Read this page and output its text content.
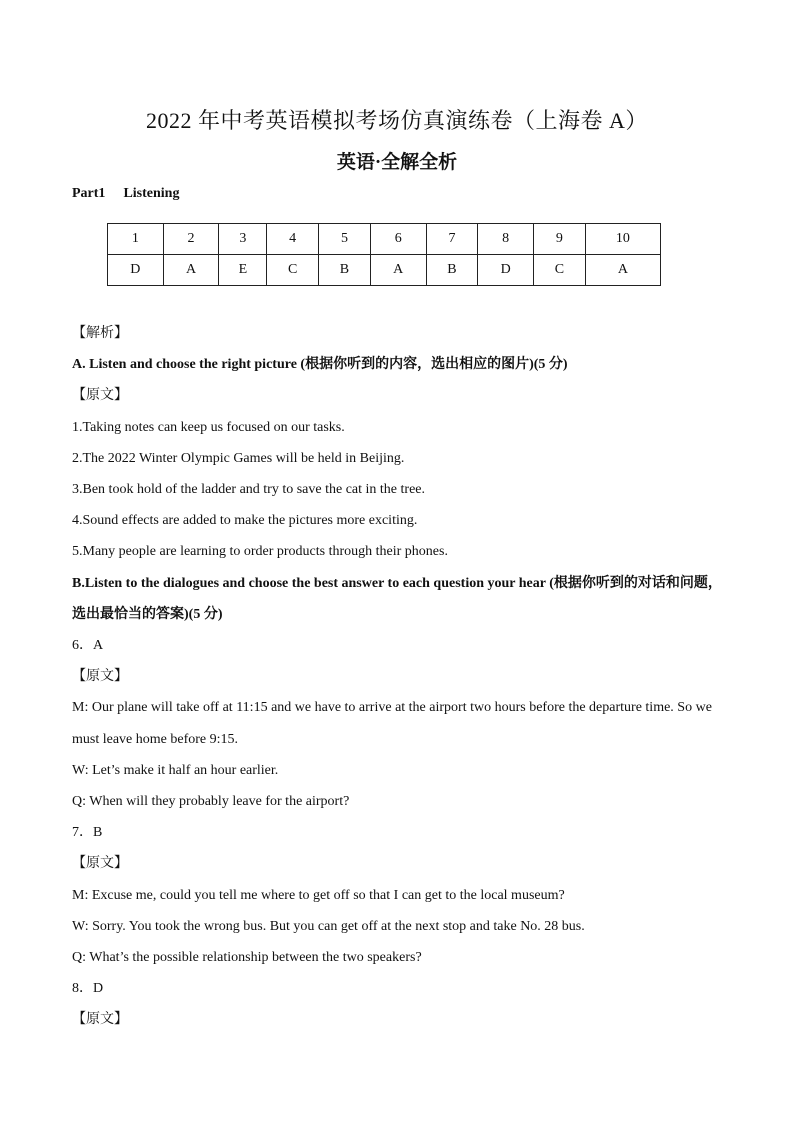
2022 年中考英语模拟考场仿真演练卷（上海卷 A）
英语·全解全析
Part1 Listening
1	2	3	4	5	6	7	8	9	10
D	A	E	C	B	A	B	D	C	A
【解析】
A. Listen and choose the right picture (根据你听到的内容，选出相应的图片)(5 分)
【原文】
1.Taking notes can keep us focused on our tasks.
2.The 2022 Winter Olympic Games will be held in Beijing.
3.Ben took hold of the ladder and try to save the cat in the tree.
4.Sound effects are added to make the pictures more exciting.
5.Many people are learning to order products through their phones.
B.Listen to the dialogues and choose the best answer to each question your hear (根据你听到的对话和问题，选出最恰当的答案)(5 分)
6．A
【原文】
M: Our plane will take off at 11:15 and we have to arrive at the airport two hours before the departure time. So we must leave home before 9:15.
W: Let’s make it half an hour earlier.
Q: When will they probably leave for the airport?
7．B
【原文】
M: Excuse me, could you tell me where to get off so that I can get to the local museum?
W: Sorry. You took the wrong bus. But you can get off at the next stop and take No. 28 bus.
Q: What’s the possible relationship between the two speakers?
8．D
【原文】
